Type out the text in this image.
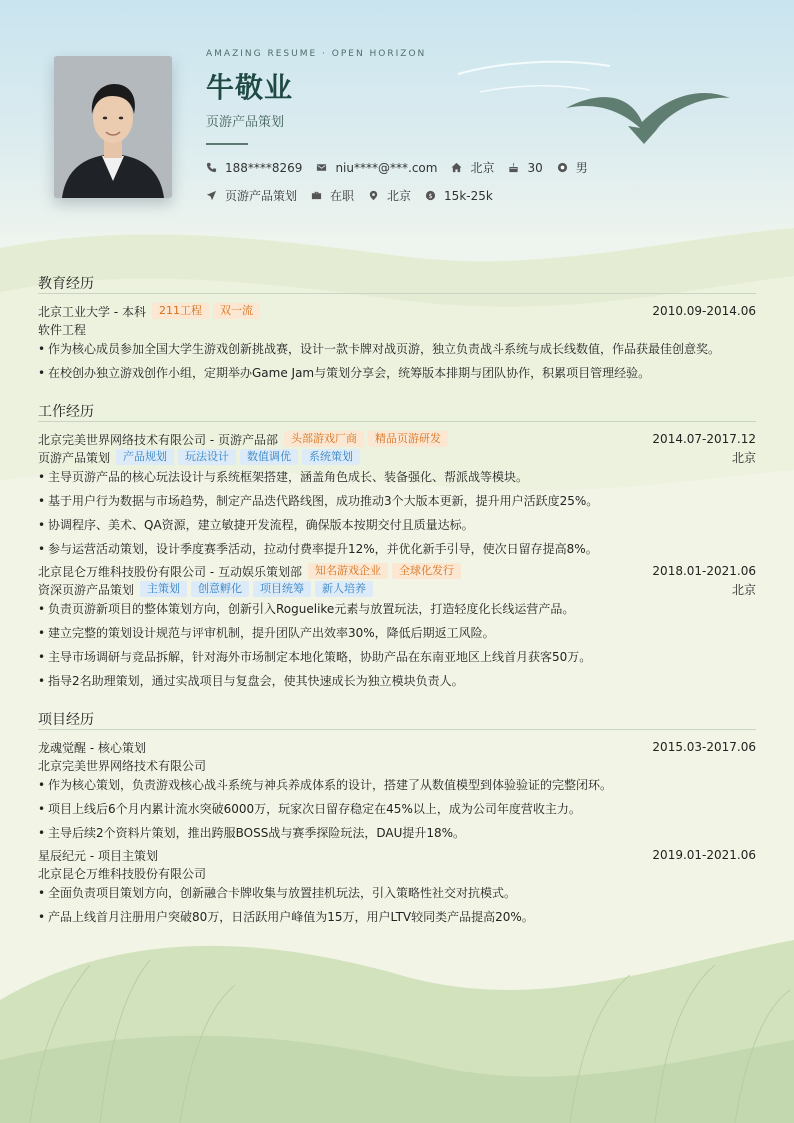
AMAZING RESUME · OPEN HORIZON
牛敬业
页游产品策划
188****8269	niu****@***.com	北京	30	男
页游产品策划	在职	北京 $ 15k-25k
教育经历
北京工业大学 - 本科	211工程	双一流	2010.09-2014.06
软件工程
• 作为核心成员参加全国大学生游戏创新挑战赛，设计一款卡牌对战页游，独立负责战斗系统与成长线数值，作品获最佳创意奖。
• 在校创办独立游戏创作小组，定期举办Game Jam与策划分享会，统筹版本排期与团队协作，积累项目管理经验。
工作经历
北京完美世界网络技术有限公司 - 页游产品部	头部游戏厂商	精品页游研发	2014.07-2017.12
页游产品策划	产品规划	玩法设计	数值调优	系统策划	北京
• 主导页游产品的核心玩法设计与系统框架搭建，涵盖角色成长、装备强化、帮派战等模块。
• 基于用户行为数据与市场趋势，制定产品迭代路线图，成功推动3个大版本更新，提升用户活跃度25%。
• 协调程序、美术、QA资源，建立敏捷开发流程，确保版本按期交付且质量达标。
• 参与运营活动策划，设计季度赛季活动，拉动付费率提升12%，并优化新手引导，使次日留存提高8%。
北京昆仑万维科技股份有限公司 - 互动娱乐策划部	知名游戏企业	全球化发行	2018.01-2021.06
资深页游产品策划	主策划	创意孵化	项目统筹	新人培养	北京
• 负责页游新项目的整体策划方向，创新引入Roguelike元素与放置玩法，打造轻度化长线运营产品。
• 建立完整的策划设计规范与评审机制，提升团队产出效率30%，降低后期返工风险。
• 主导市场调研与竞品拆解，针对海外市场制定本地化策略，协助产品在东南亚地区上线首月获客50万。
• 指导2名助理策划，通过实战项目与复盘会，使其快速成长为独立模块负责人。
项目经历
龙魂觉醒 - 核心策划	2015.03-2017.06
北京完美世界网络技术有限公司
• 作为核心策划，负责游戏核心战斗系统与神兵养成体系的设计，搭建了从数值模型到体验验证的完整闭环。
• 项目上线后6个月内累计流水突破6000万，玩家次日留存稳定在45%以上，成为公司年度营收主力。
• 主导后续2个资料片策划，推出跨服BOSS战与赛季探险玩法，DAU提升18%。
星辰纪元 - 项目主策划	2019.01-2021.06
北京昆仑万维科技股份有限公司
• 全面负责项目策划方向，创新融合卡牌收集与放置挂机玩法，引入策略性社交对抗模式。
• 产品上线首月注册用户突破80万，日活跃用户峰值为15万，用户LTV较同类产品提高20%。
